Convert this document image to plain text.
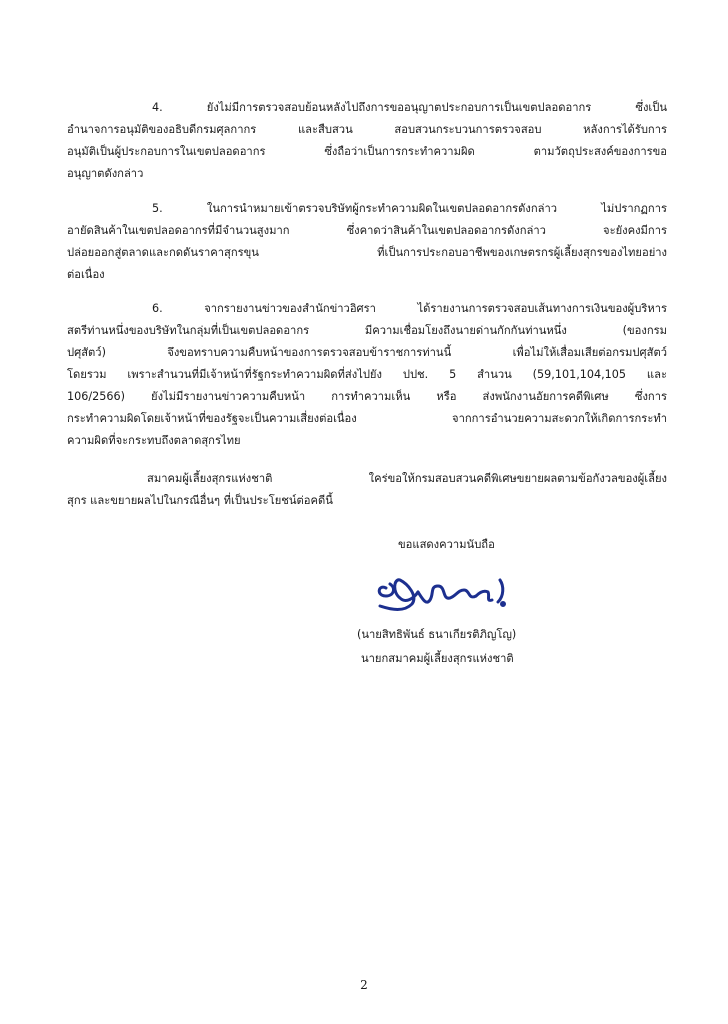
4. ยังไม่มีการตรวจสอบย้อนหลังไปถึงการขออนุญาตประกอบการเป็นเขตปลอดอากร ซึ่งเป็น
อำนาจการอนุมัติของอธิบดีกรมศุลกากร และสืบสวน สอบสวนกระบวนการตรวจสอบ หลังการได้รับการ
อนุมัติเป็นผู้ประกอบการในเขตปลอดอากร ซึ่งถือว่าเป็นการกระทำความผิด ตามวัตถุประสงค์ของการขอ
อนุญาตดังกล่าว
5. ในการนำหมายเข้าตรวจบริษัทผู้กระทำความผิดในเขตปลอดอากรดังกล่าว ไม่ปรากฏการ
อายัดสินค้าในเขตปลอดอากรที่มีจำนวนสูงมาก ซึ่งคาดว่าสินค้าในเขตปลอดอากรดังกล่าว จะยังคงมีการ
ปล่อยออกสู่ตลาดและกดดันราคาสุกรขุน ที่เป็นการประกอบอาชีพของเกษตรกรผู้เลี้ยงสุกรของไทยอย่าง
ต่อเนื่อง
6. จากรายงานข่าวของสำนักข่าวอิศรา ได้รายงานการตรวจสอบเส้นทางการเงินของผู้บริหาร
สตรีท่านหนึ่งของบริษัทในกลุ่มที่เป็นเขตปลอดอากร มีความเชื่อมโยงถึงนายด่านกักกันท่านหนึ่ง (ของกรม
ปศุสัตว์) จึงขอทราบความคืบหน้าของการตรวจสอบข้าราชการท่านนี้ เพื่อไม่ให้เสื่อมเสียต่อกรมปศุสัตว์
โดยรวม เพราะสำนวนที่มีเจ้าหน้าที่รัฐกระทำความผิดที่ส่งไปยัง ปปช. 5 สำนวน (59,101,104,105 และ
106/2566) ยังไม่มีรายงานข่าวความคืบหน้า การทำความเห็น หรือ ส่งพนักงานอัยการคดีพิเศษ ซึ่งการ
กระทำความผิดโดยเจ้าหน้าที่ของรัฐจะเป็นความเสี่ยงต่อเนื่อง จากการอำนวยความสะดวกให้เกิดการกระทำ
ความผิดที่จะกระทบถึงตลาดสุกรไทย
สมาคมผู้เลี้ยงสุกรแห่งชาติ ใคร่ขอให้กรมสอบสวนคดีพิเศษขยายผลตามข้อกังวลของผู้เลี้ยง
สุกร และขยายผลไปในกรณีอื่นๆ ที่เป็นประโยชน์ต่อคดีนี้
ขอแสดงความนับถือ
(นายสิทธิพันธ์ ธนาเกียรติภิญโญ)
นายกสมาคมผู้เลี้ยงสุกรแห่งชาติ
2
